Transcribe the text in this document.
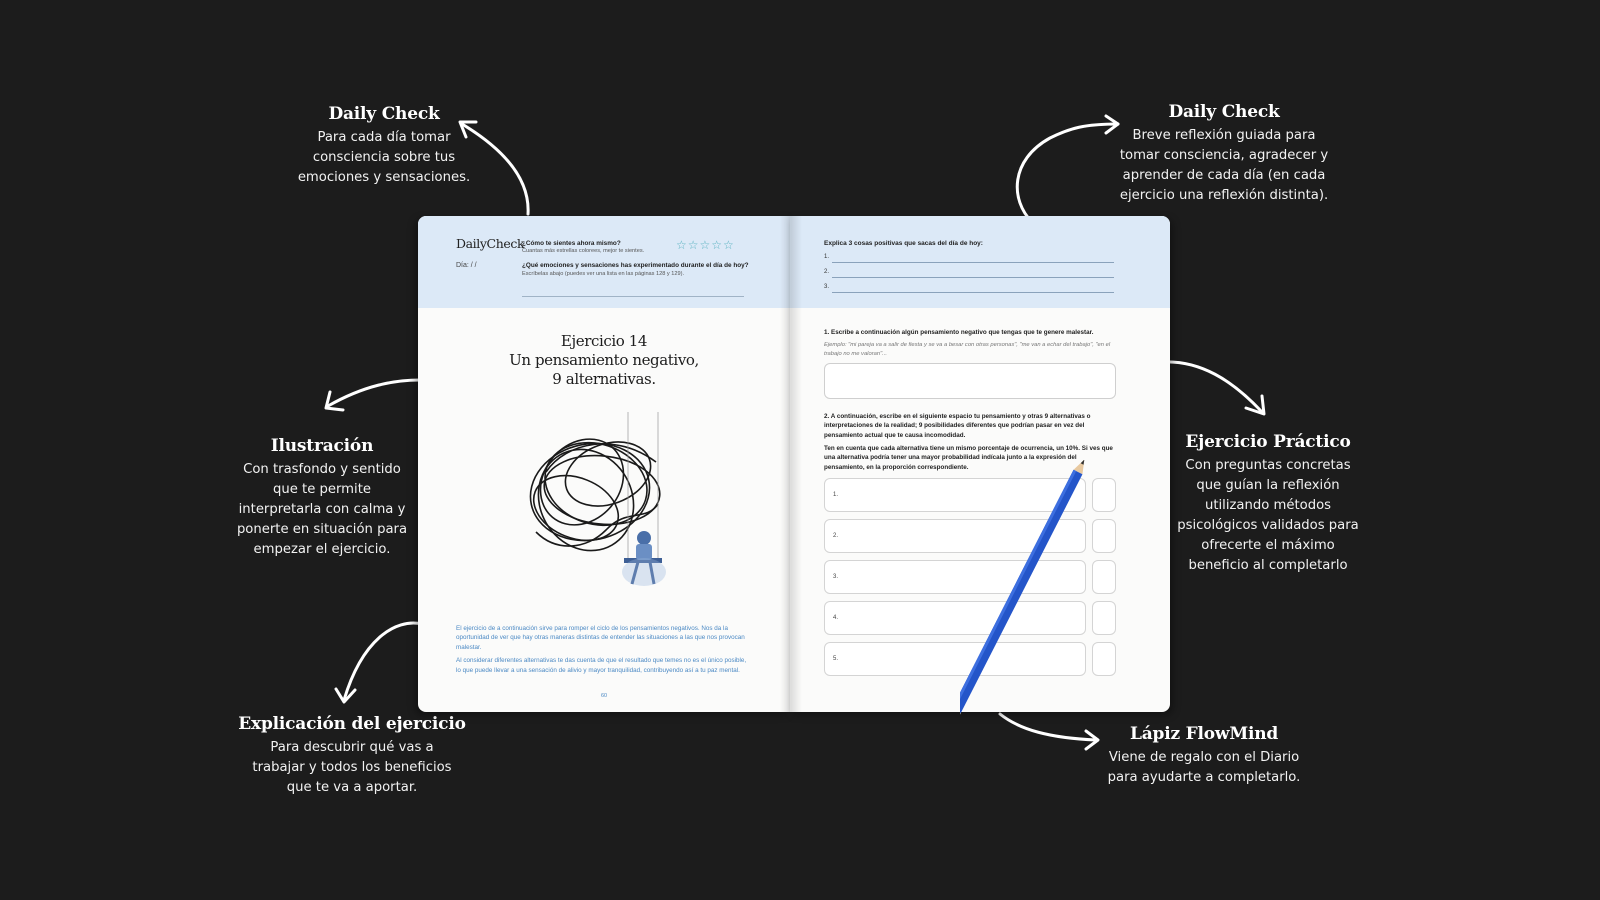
Daily Check
Para cada día tomar consciencia sobre tus emociones y sensaciones.
Ilustración
Con trasfondo y sentido que te permite interpretarla con calma y ponerte en situación para empezar el ejercicio.
Explicación del ejercicio
Para descubrir qué vas a trabajar y todos los beneficios que te va a aportar.
Daily Check
Breve reflexión guiada para tomar consciencia, agradecer y aprender de cada día (en cada ejercicio una reflexión distinta).
Ejercicio Práctico
Con preguntas concretas que guían la reflexión utilizando métodos psicológicos validados para ofrecerte el máximo beneficio al completarlo
Lápiz FlowMind
Viene de regalo con el Diario para ayudarte a completarlo.
DailyCheck
Día: / /
¿Cómo te sientes ahora mismo?
Cuantas más estrellas colorees, mejor te sientes.	☆☆☆☆☆
¿Qué emociones y sensaciones has experimentado durante el día de hoy?
Escríbelas abajo (puedes ver una lista en las páginas 128 y 129).
Ejercicio 14
Un pensamiento negativo,
9 alternativas.

El ejercicio de a continuación sirve para romper el ciclo de los pensamientos negativos. Nos da la oportunidad de ver que hay otras maneras distintas de entender las situaciones a las que nos provocan malestar.

Al considerar diferentes alternativas te das cuenta de que el resultado que temes no es el único posible, lo que puede llevar a una sensación de alivio y mayor tranquilidad, contribuyendo así a tu paz mental.

60
Explica 3 cosas positivas que sacas del día de hoy:
1.
2.
3.
1. Escribe a continuación algún pensamiento negativo que tengas que te genere malestar.
Ejemplo: "mi pareja va a salir de fiesta y se va a besar con otras personas", "me van a echar del trabajo", "en el trabajo no me valoran"...
2. A continuación, escribe en el siguiente espacio tu pensamiento y otras 9 alternativas o interpretaciones de la realidad; 9 posibilidades diferentes que podrían pasar en vez del pensamiento actual que te causa incomodidad.
Ten en cuenta que cada alternativa tiene un mismo porcentaje de ocurrencia, un 10%. Si ves que una alternativa podría tener una mayor probabilidad indícala junto a la expresión del pensamiento, en la proporción correspondiente.
1.
2.
3.
4.
5.
